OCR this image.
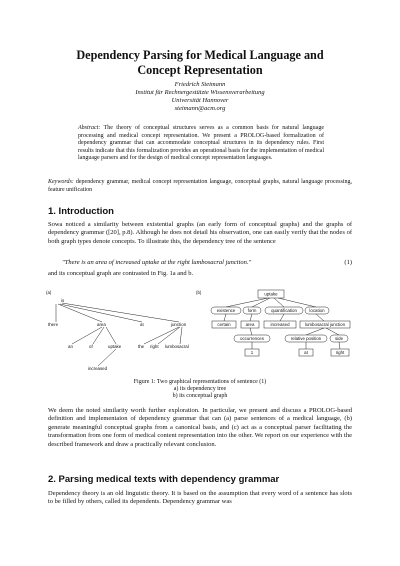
Dependency Parsing for Medical Language and
Concept Representation
Friedrich Steimann
Institut für Rechnergestützte Wissensverarbeitung
Universität Hannover
steimann@acm.org
Abstract: The theory of conceptual structures serves as a common basis for natural language processing and medical concept representation. We present a PROLOG-based formalization of dependency grammar that can accommodate conceptual structures in its dependency rules. First results indicate that this formalization provides an operational basis for the implementation of medical language parsers and for the design of medical concept representation languages.
Keywords: dependency grammar, medical concept representation language, conceptual graphs, natural language processing, feature unification
1. Introduction
Sowa noticed a similarity between existential graphs (an early form of conceptual graphs) and the graphs of dependency grammar ([20], p.8). Although he does not detail his observation, one can easily verify that the nodes of both graph types denote concepts. To illustrate this, the dependency tree of the sentence
"There is an area of increased uptake at the right lumbosacral junction."	(1)
and its conceptual graph are contrasted in Fig. 1a and b.
(a)	(b)
is
there	area	at	junction
an	of	uptake	the right lumbosacral
increased
uptake
existence	form	quantification	location
certain	area	increased	lumbosacral junction
occurrences	relative position	side
1	at	right
Figure 1: Two graphical representations of sentence (1)
a) its dependency tree
b) its conceptual graph
We deem the noted similarity worth further exploration. In particular, we present and discuss a PROLOG-based definition and implementaion of dependency grammar that can (a) parse sentences of a medical language, (b) generate meaningful conceptual graphs from a canonical basis, and (c) act as a conceptual parser facilitating the transformation from one form of medical content representation into the other. We report on our experience with the described framework and draw a practically relevant conclusion.
2. Parsing medical texts with dependency grammar
Dependency theory is an old linguistic theory. It is based on the assumption that every word of a sentence has slots to be filled by others, called its dependents. Dependency grammar was
